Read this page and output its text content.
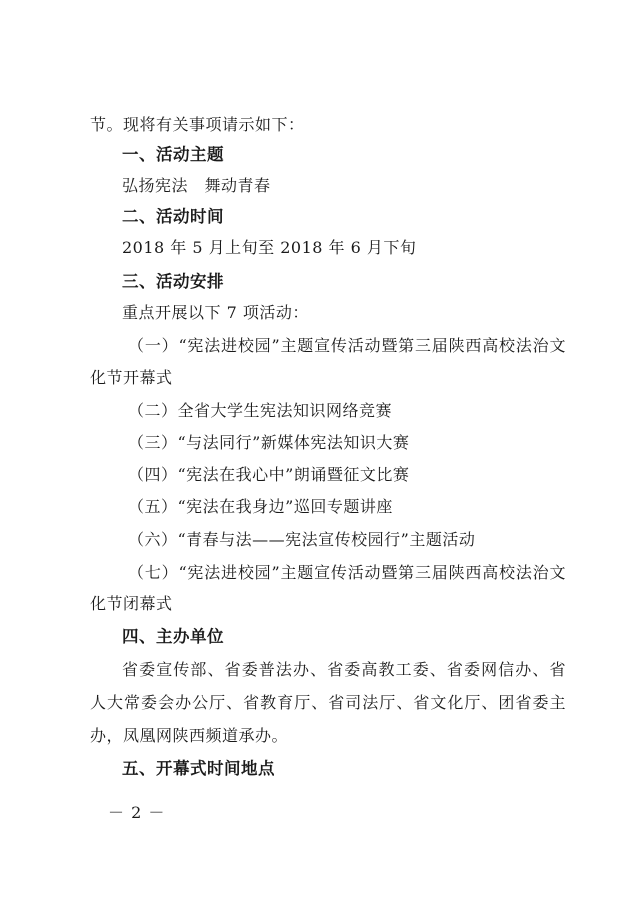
节。现将有关事项请示如下：
一、活动主题
弘扬宪法　舞动青春
二、活动时间
2018 年 5 月上旬至 2018 年 6 月下旬
三、活动安排
重点开展以下 7 项活动：
（一）“宪法进校园”主题宣传活动暨第三届陕西高校法治文
化节开幕式
（二）全省大学生宪法知识网络竞赛
（三）“与法同行”新媒体宪法知识大赛
（四）“宪法在我心中”朗诵暨征文比赛
（五）“宪法在我身边”巡回专题讲座
（六）“青春与法——宪法宣传校园行”主题活动
（七）“宪法进校园”主题宣传活动暨第三届陕西高校法治文
化节闭幕式
四、主办单位
省委宣传部、省委普法办、省委高教工委、省委网信办、省
人大常委会办公厅、省教育厅、省司法厅、省文化厅、团省委主
办，凤凰网陕西频道承办。
五、开幕式时间地点
－ 2 －
